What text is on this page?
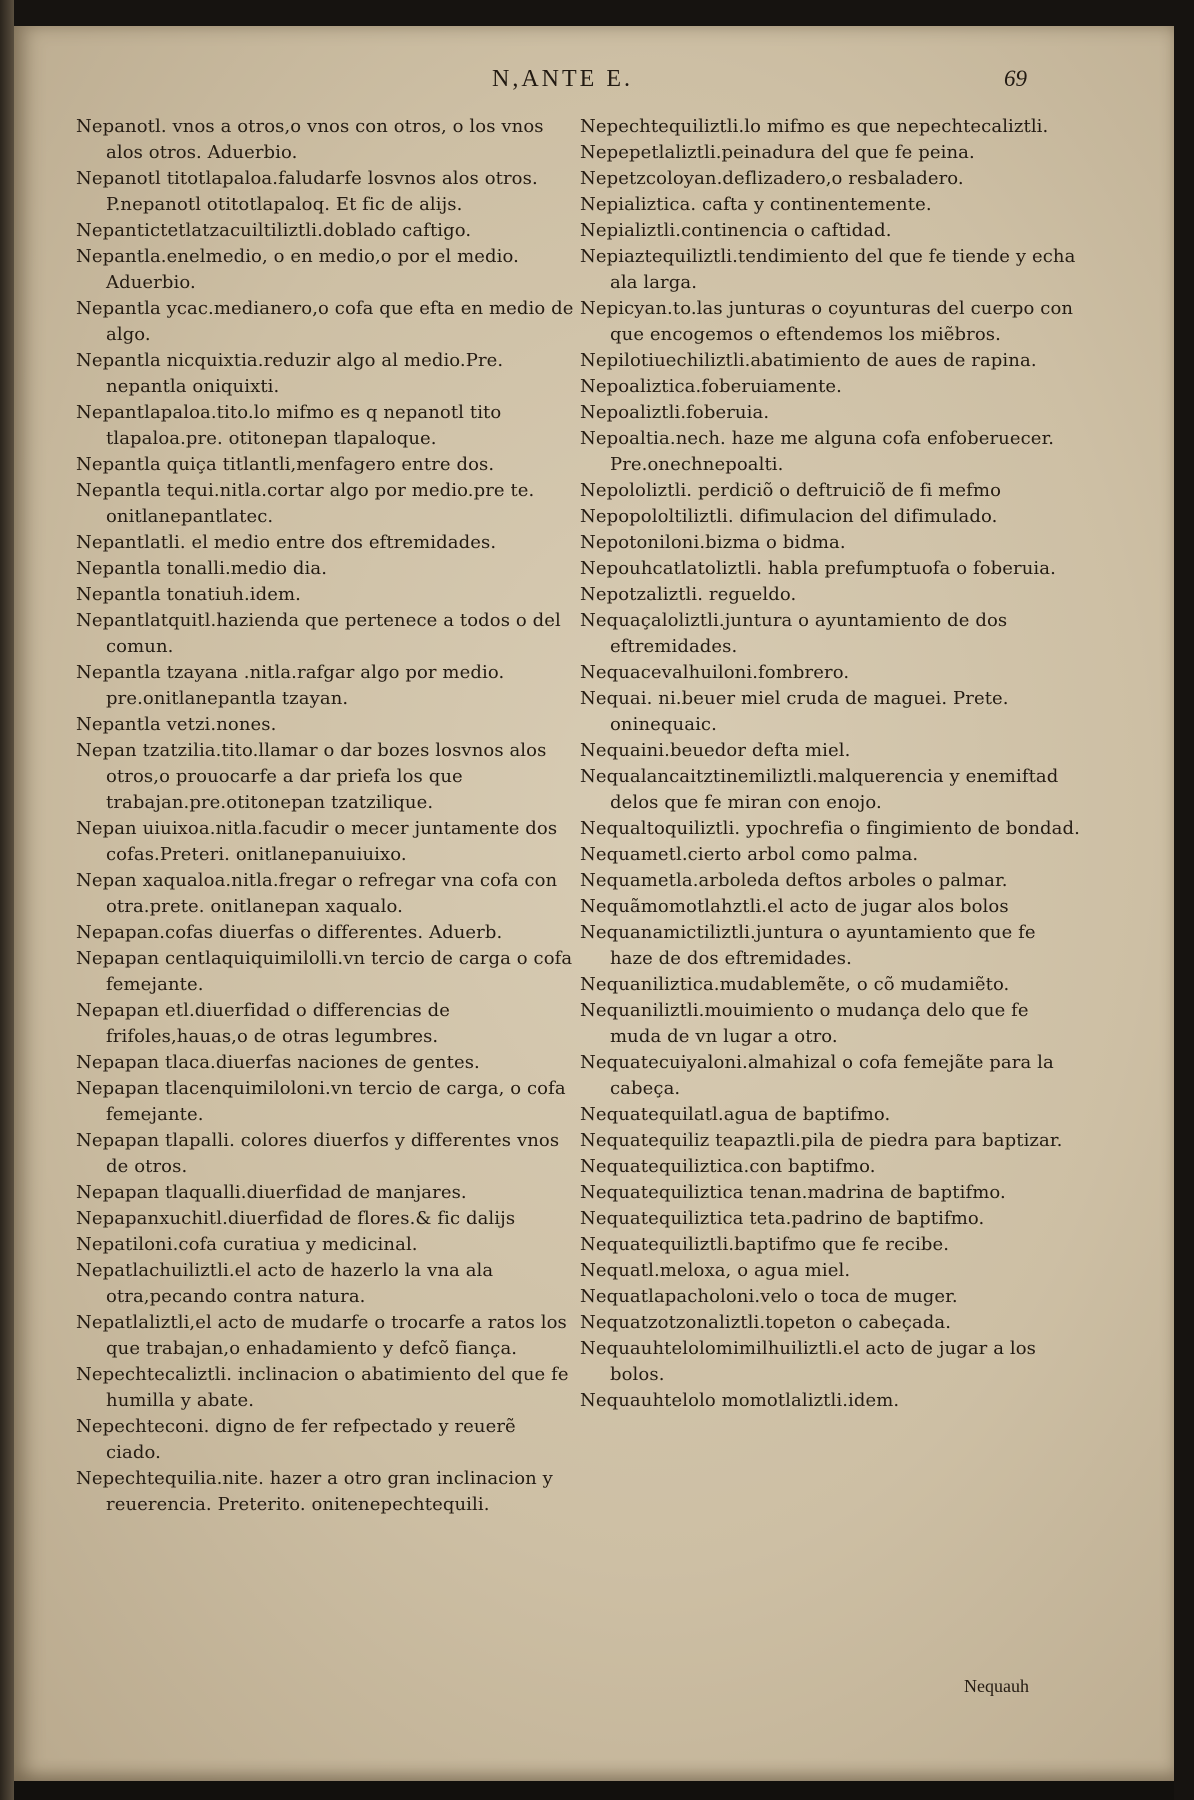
N,ANTE E.	69

Nepanotl. vnos a otros,o vnos con otros, o los vnos alos otros. Aduerbio.

Nepanotl titotlapaloa.faludarfe losvnos alos otros. P.nepanotl otitotlapaloq. Et fic de alijs.

Nepantictetlatzacuiltiliztli.doblado caftigo.

Nepantla.enelmedio, o en medio,o por el medio. Aduerbio.

Nepantla ycac.medianero,o cofa que efta en medio de algo.

Nepantla nicquixtia.reduzir algo al medio.Pre. nepantla oniquixti.

Nepantlapaloa.tito.lo mifmo es q nepanotl tito tlapaloa.pre. otitonepan tlapaloque.

Nepantla quiça titlantli,menfagero entre dos.

Nepantla tequi.nitla.cortar algo por medio.pre te. onitlanepantlatec.

Nepantlatli. el medio entre dos eftremidades.

Nepantla tonalli.medio dia.

Nepantla tonatiuh.idem.

Nepantlatquitl.hazienda que pertenece a todos o del comun.

Nepantla tzayana .nitla.rafgar algo por medio. pre.onitlanepantla tzayan.

Nepantla vetzi.nones.

Nepan tzatzilia.tito.llamar o dar bozes losvnos alos otros,o prouocarfe a dar priefa los que trabajan.pre.otitonepan tzatzilique.

Nepan uiuixoa.nitla.facudir o mecer juntamente dos cofas.Preteri. onitlanepanuiuixo.

Nepan xaqualoa.nitla.fregar o refregar vna cofa con otra.prete. onitlanepan xaqualo.

Nepapan.cofas diuerfas o differentes. Aduerb.

Nepapan centlaquiquimilolli.vn tercio de carga o cofa femejante.

Nepapan etl.diuerfidad o differencias de frifoles,hauas,o de otras legumbres.

Nepapan tlaca.diuerfas naciones de gentes.

Nepapan tlacenquimiloloni.vn tercio de carga, o cofa femejante.

Nepapan tlapalli. colores diuerfos y differentes vnos de otros.

Nepapan tlaqualli.diuerfidad de manjares.

Nepapanxuchitl.diuerfidad de flores.& fic dalijs

Nepatiloni.cofa curatiua y medicinal.

Nepatlachuiliztli.el acto de hazerlo la vna ala otra,pecando contra natura.

Nepatlaliztli,el acto de mudarfe o trocarfe a ratos los que trabajan,o enhadamiento y defcõ fiança.

Nepechtecaliztli. inclinacion o abatimiento del que fe humilla y abate.

Nepechteconi. digno de fer refpectado y reuerẽ ciado.

Nepechtequilia.nite. hazer a otro gran inclinacion y reuerencia. Preterito. onitenepechtequili.

Nepechtequiliztli.lo mifmo es que nepechtecaliztli.

Nepepetlaliztli.peinadura del que fe peina.

Nepetzcoloyan.deflizadero,o resbaladero.

Nepializtica. cafta y continentemente.

Nepializtli.continencia o caftidad.

Nepiaztequiliztli.tendimiento del que fe tiende y echa ala larga.

Nepicyan.to.las junturas o coyunturas del cuerpo con que encogemos o eftendemos los miẽbros.

Nepilotiuechiliztli.abatimiento de aues de rapina.

Nepoaliztica.foberuiamente.

Nepoaliztli.foberuia.

Nepoaltia.nech. haze me alguna cofa enfoberuecer. Pre.onechnepoalti.

Nepololiztli. perdiciõ o deftruiciõ de fi mefmo

Nepopololtiliztli. difimulacion del difimulado.

Nepotoniloni.bizma o bidma.

Nepouhcatlatoliztli. habla prefumptuofa o foberuia.

Nepotzaliztli. regueldo.

Nequaçaloliztli.juntura o ayuntamiento de dos eftremidades.

Nequacevalhuiloni.fombrero.

Nequai. ni.beuer miel cruda de maguei. Prete. oninequaic.

Nequaini.beuedor defta miel.

Nequalancaitztinemiliztli.malquerencia y enemiftad delos que fe miran con enojo.

Nequaltoquiliztli. ypochrefia o fingimiento de bondad.

Nequametl.cierto arbol como palma.

Nequametla.arboleda deftos arboles o palmar.

Nequãmomotlahztli.el acto de jugar alos bolos

Nequanamictiliztli.juntura o ayuntamiento que fe haze de dos eftremidades.

Nequaniliztica.mudablemẽte, o cõ mudamiẽto.

Nequaniliztli.mouimiento o mudança delo que fe muda de vn lugar a otro.

Nequatecuiyaloni.almahizal o cofa femejãte para la cabeça.

Nequatequilatl.agua de baptifmo.

Nequatequiliz teapaztli.pila de piedra para baptizar.

Nequatequiliztica.con baptifmo.

Nequatequiliztica tenan.madrina de baptifmo.

Nequatequiliztica teta.padrino de baptifmo.

Nequatequiliztli.baptifmo que fe recibe.

Nequatl.meloxa, o agua miel.

Nequatlapacholoni.velo o toca de muger.

Nequatzotzonaliztli.topeton o cabeçada.

Nequauhtelolomimilhuiliztli.el acto de jugar a los bolos.

Nequauhtelolo momotlaliztli.idem.

Nequauh
